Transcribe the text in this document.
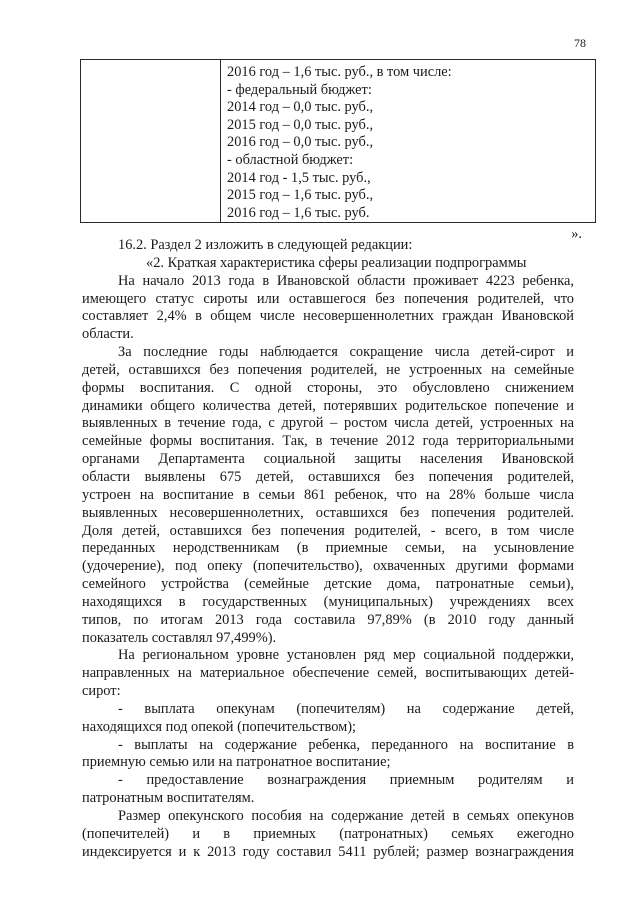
78
2016 год – 1,6 тыс. руб., в том числе:
- федеральный бюджет:
2014 год – 0,0 тыс. руб.,
2015 год – 0,0 тыс. руб.,
2016 год – 0,0 тыс. руб.,
- областной бюджет:
2014 год - 1,5 тыс. руб.,
2015 год – 1,6 тыс. руб.,
2016 год – 1,6 тыс. руб.
».
16.2. Раздел 2 изложить в следующей редакции:
«2. Краткая характеристика сферы реализации подпрограммы
На начало 2013 года в Ивановской области проживает 4223 ребенка,
имеющего статус сироты или оставшегося без попечения родителей, что
составляет 2,4% в общем числе несовершеннолетних граждан Ивановской
области.
За последние годы наблюдается сокращение числа детей-сирот и
детей, оставшихся без попечения родителей, не устроенных на семейные
формы воспитания. С одной стороны, это обусловлено снижением
динамики общего количества детей, потерявших родительское попечение и
выявленных в течение года, с другой – ростом числа детей, устроенных на
семейные формы воспитания. Так, в течение 2012 года территориальными
органами Департамента социальной защиты населения Ивановской
области выявлены 675 детей, оставшихся без попечения родителей,
устроен на воспитание в семьи 861 ребенок, что на 28% больше числа
выявленных несовершеннолетних, оставшихся без попечения родителей.
Доля детей, оставшихся без попечения родителей, - всего, в том числе
переданных неродственникам (в приемные семьи, на усыновление
(удочерение), под опеку (попечительство), охваченных другими формами
семейного устройства (семейные детские дома, патронатные семьи),
находящихся в государственных (муниципальных) учреждениях всех
типов, по итогам 2013 года составила 97,89% (в 2010 году данный
показатель составлял 97,499%).
На региональном уровне установлен ряд мер социальной поддержки,
направленных на материальное обеспечение семей, воспитывающих детей-
сирот:
- выплата опекунам (попечителям) на содержание детей,
находящихся под опекой (попечительством);
- выплаты на содержание ребенка, переданного на воспитание в
приемную семью или на патронатное воспитание;
- предоставление вознаграждения приемным родителям и
патронатным воспитателям.
Размер опекунского пособия на содержание детей в семьях опекунов
(попечителей) и в приемных (патронатных) семьях ежегодно
индексируется и к 2013 году составил 5411 рублей; размер вознаграждения
